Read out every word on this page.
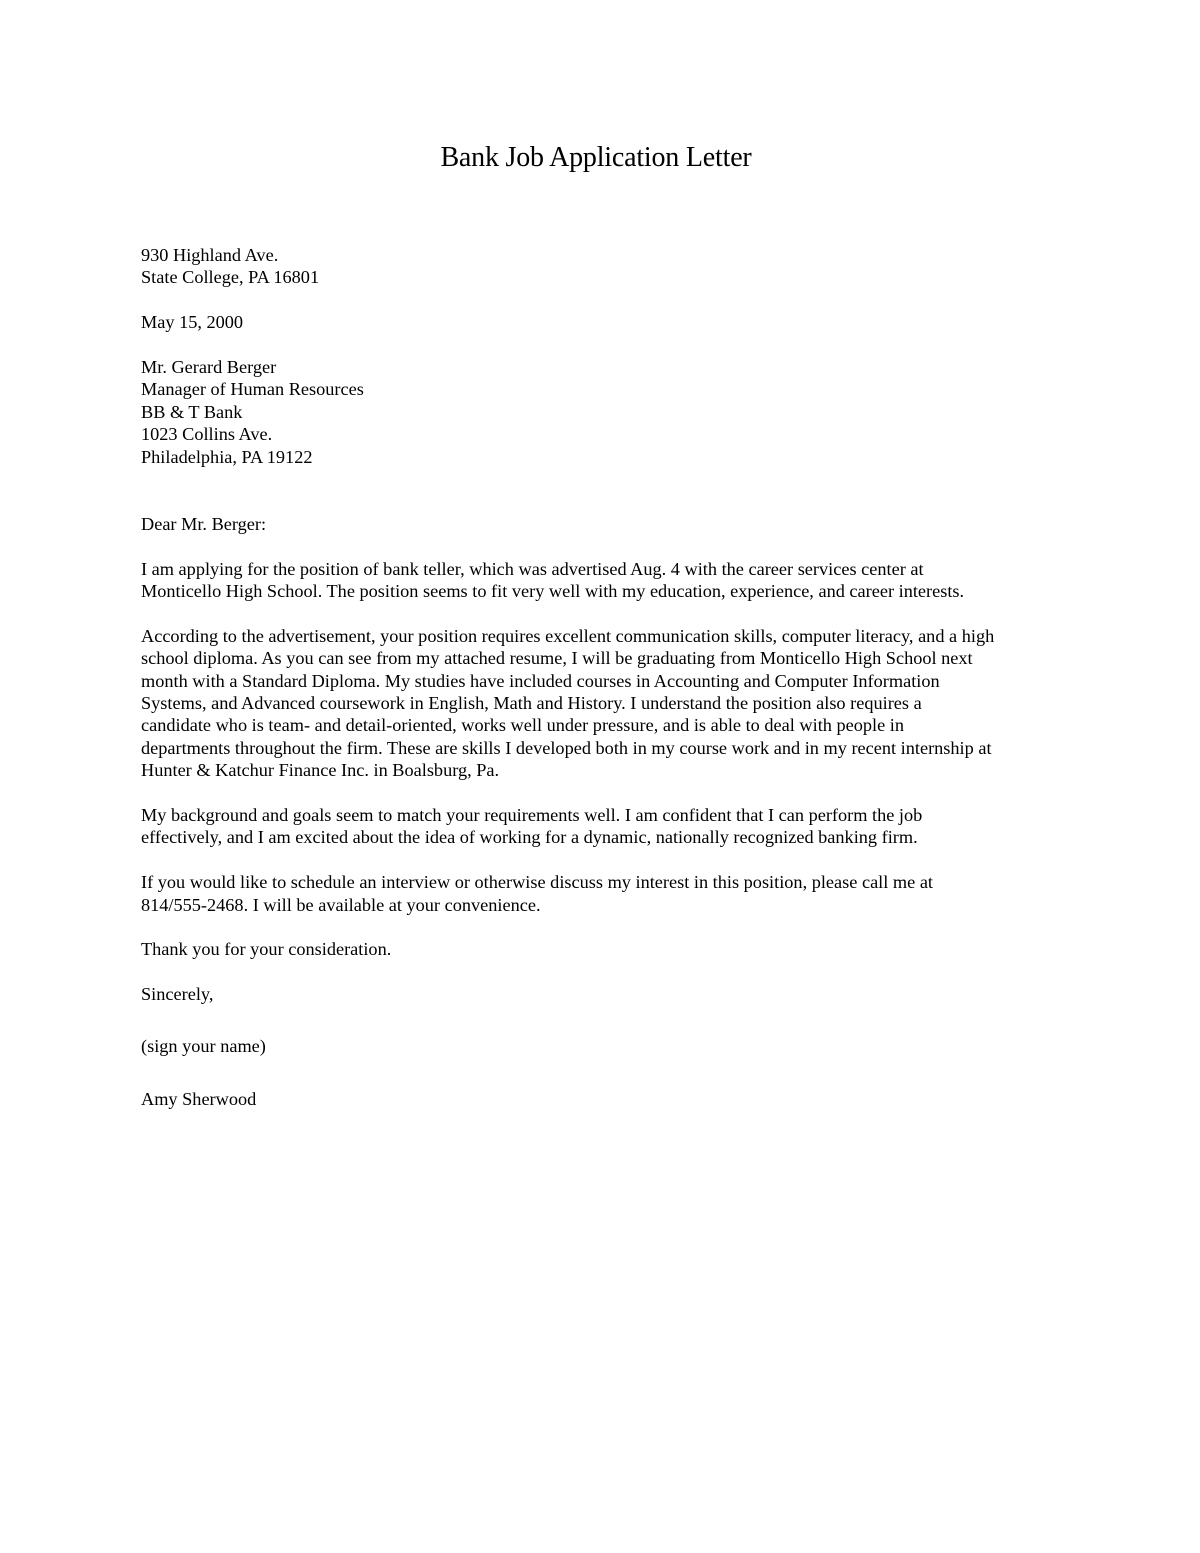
Bank Job Application Letter
930 Highland Ave.
State College, PA 16801
May 15, 2000
Mr. Gerard Berger
Manager of Human Resources
BB & T Bank
1023 Collins Ave.
Philadelphia, PA 19122
Dear Mr. Berger:
I am applying for the position of bank teller, which was advertised Aug. 4 with the career services center at
Monticello High School. The position seems to fit very well with my education, experience, and career interests.
According to the advertisement, your position requires excellent communication skills, computer literacy, and a high
school diploma. As you can see from my attached resume, I will be graduating from Monticello High School next
month with a Standard Diploma. My studies have included courses in Accounting and Computer Information
Systems, and Advanced coursework in English, Math and History. I understand the position also requires a
candidate who is team- and detail-oriented, works well under pressure, and is able to deal with people in
departments throughout the firm. These are skills I developed both in my course work and in my recent internship at
Hunter & Katchur Finance Inc. in Boalsburg, Pa.
My background and goals seem to match your requirements well. I am confident that I can perform the job
effectively, and I am excited about the idea of working for a dynamic, nationally recognized banking firm.
If you would like to schedule an interview or otherwise discuss my interest in this position, please call me at
814/555-2468. I will be available at your convenience.
Thank you for your consideration.
Sincerely,
(sign your name)
Amy Sherwood
